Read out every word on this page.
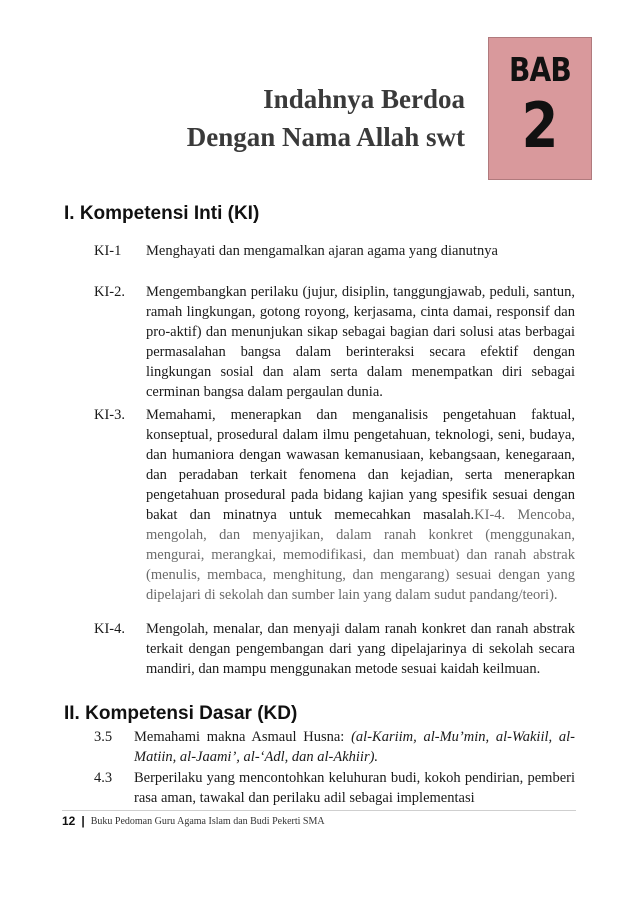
Indahnya Berdoa
Dengan Nama Allah swt
BAB
2
I. Kompetensi Inti (KI)
KI-1	Menghayati dan mengamalkan ajaran agama yang dianutnya
KI-2.	Mengembangkan perilaku (jujur, disiplin, tanggungjawab, peduli, santun, ramah lingkungan, gotong royong, kerjasama, cinta damai, responsif dan pro-aktif) dan menunjukan sikap sebagai bagian dari solusi atas berbagai permasalahan bangsa dalam berinteraksi secara efektif dengan lingkungan sosial dan alam serta dalam menempatkan diri sebagai cerminan bangsa dalam pergaulan dunia.
KI-3.	Memahami, menerapkan dan menganalisis pengetahuan faktual, konseptual, prosedural dalam ilmu pengetahuan, teknologi, seni, budaya, dan humaniora dengan wawasan kemanusiaan, kebangsaan, kenegaraan, dan peradaban terkait fenomena dan kejadian, serta menerapkan pengetahuan prosedural pada bidang kajian yang spesifik sesuai dengan bakat dan minatnya untuk memecahkan masalah.KI-4. Mencoba, mengolah, dan menyajikan, dalam ranah konkret (menggunakan, mengurai, merangkai, memodifikasi, dan membuat) dan ranah abstrak (menulis, membaca, menghitung, dan mengarang) sesuai dengan yang dipelajari di sekolah dan sumber lain yang dalam sudut pandang/teori).
KI-4.	Mengolah, menalar, dan menyaji dalam ranah konkret dan ranah abstrak terkait dengan pengembangan dari yang dipelajarinya di sekolah secara mandiri, dan mampu menggunakan metode sesuai kaidah keilmuan.
II. Kompetensi Dasar (KD)
3.5	Memahami makna Asmaul Husna: (al-Kariim, al-Mu’min, al-Wakiil, al-Matiin, al-Jaami’, al-‘Adl, dan al-Akhiir).
4.3	Berperilaku yang mencontohkan keluhuran budi, kokoh pendirian, pemberi rasa aman, tawakal dan perilaku adil sebagai implementasi
12 | Buku Pedoman Guru Agama Islam dan Budi Pekerti SMA
